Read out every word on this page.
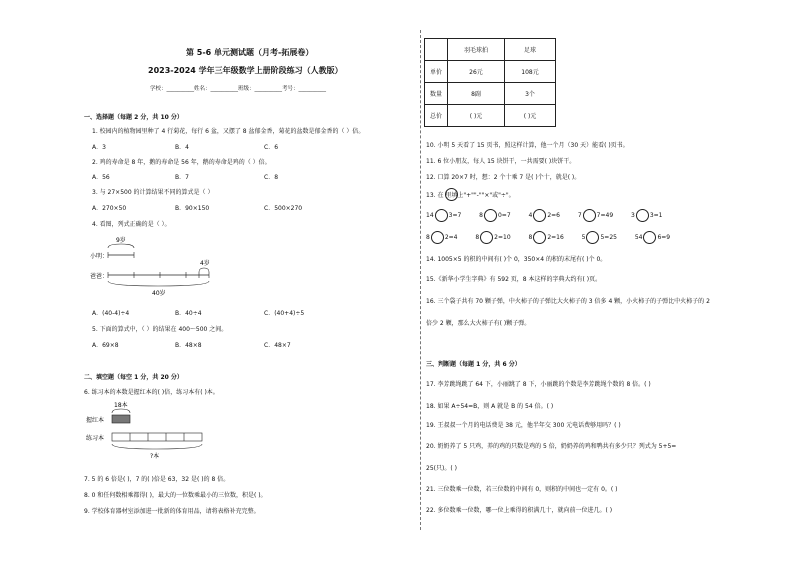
第 5-6 单元测试题（月考-拓展卷）
2023-2024 学年三年级数学上册阶段练习（人教版）
学校：__________姓名：__________班级：__________考号：__________
一、选择题（每题 2 分，共 10 分）
1. 校园内的植物园里种了 4 行菊花，每行 6 盆，又摆了 8 盆郁金香，菊花的盆数是郁金香的（ ）倍。
A．3	B．4	C．6
2. 鸡的寿命是 8 年，鹅的寿命是 56 年，鹅的寿命是鸡的（ ）倍。
A．56	B．7	C．8
3. 与 27×500 的计算结果不同的算式是（ ）
A．270×50	B．90×150	C．500×270
4. 看图，列式正确的是（ ）。
9岁
小明：
4岁
爸爸：
40岁
A．(40-4)÷4	B．40÷4	C．(40+4)÷5
5. 下面的算式中，（ ）的结果在 400～500 之间。
A．69×8	B．48×8	C．48×7
二、填空题（每空 1 分，共 20 分）
6. 练习本的本数是握红本的( )倍，练习本有( )本。
18本
握红本
练习本
?本
7. 5 的 6 倍是( )，7 的( )倍是 63，32 是( )的 8 倍。
8. 0 和任何数相乘都得( )，最大的一位数乘最小的三位数，积是( )。
9. 学校体育器材室添加进一批新的体育用品，请将表格补充完整。
	羽毛球拍	足球
单价	26元	108元
数量	8副	3个
总价	( )元	( )元
10. 小明 5 天看了 15 页书，照这样计算，他一个月（30 天）能看( )页书。
11. 6 位小朋友，每人 15 块饼干，一共需要( )块饼干。
12. 口算 20×7 时，想：2 个十乘 7 是( )个十，就是( )。
13. 在 里填上"+""-""×"或"÷"。
14	3=7	8	0=7	4	2=6	7	7=49	3	3=1
8	2=4	8	2=10	8	2=16	5	5=25	54	6=9
14. 1005×5 的积的中间有( )个 0，350×4 的积的末尾有( )个 0。
15.《新华小学生字典》有 592 页，8 本这样的字典大约有( )页。
16. 三个袋子共有 70 颗子弹，中火柿子的子弹比大火柿子的 3 倍多 4 颗，小火柿子的子弹比中火柿子的 2
倍少 2 颗，那么大火柿子有( )颗子弹。
三、判断题（每题 1 分，共 6 分）
17. 李芳跳绳跳了 64 下，小丽跳了 8 下，小丽跳的个数是李芳跳绳个数的 8 倍。( )
18. 如果 A÷54=B，则 A 就是 B 的 54 倍。( )
19. 王叔叔一个月的电话费是 38 元，他半年交 300 元电话费够用吗？( )
20. 奶奶养了 5 只鸡，养的鸡的只数是鸡的 5 倍，奶奶养的鸡和鸭共有多少只？列式为 5+5=
25(只)。( )
21. 三位数乘一位数，若三位数的中间有 0，则积的中间也一定有 0。( )
22. 多位数乘一位数，哪一位上乘得的积满几十，就向前一位进几。( )
